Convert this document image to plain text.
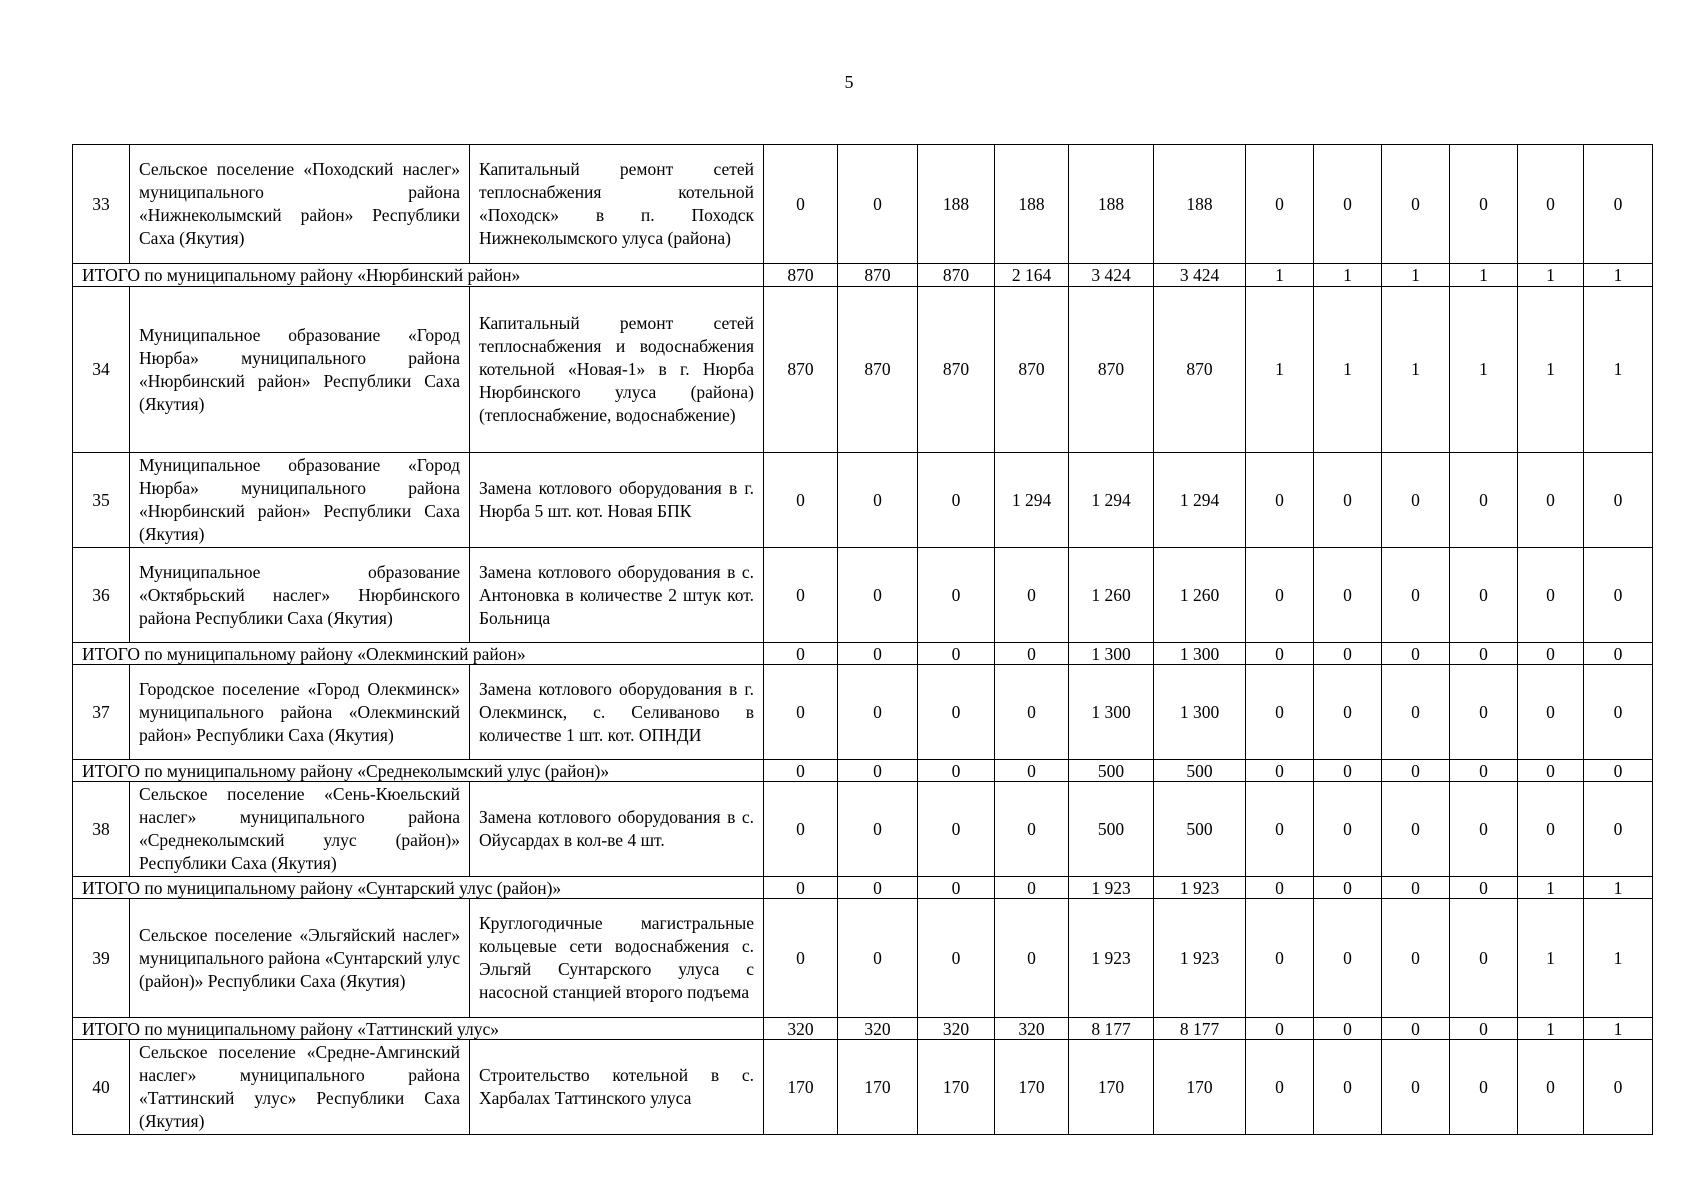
5
33	Сельское поселение «Походский наслег» муниципального района «Нижнеколымский район» Республики Саха (Якутия)	Капитальный ремонт сетей теплоснабжения котельной «Походск» в п. Походск Нижнеколымского улуса (района)	0	0	188	188	188	188	0	0	0	0	0	0
ИТОГО по муниципальному району «Нюрбинский район»			870	870	870	2 164	3 424	3 424	1	1	1	1	1	1
34	Муниципальное образование «Город Нюрба» муниципального района «Нюрбинский район» Республики Саха (Якутия)	Капитальный ремонт сетей теплоснабжения и водоснабжения котельной «Новая-1» в г. Нюрба Нюрбинского улуса (района) (теплоснабжение, водоснабжение)	870	870	870	870	870	870	1	1	1	1	1	1
35	Муниципальное образование «Город Нюрба» муниципального района «Нюрбинский район» Республики Саха (Якутия)	Замена котлового оборудования в г. Нюрба 5 шт. кот. Новая БПК	0	0	0	1 294	1 294	1 294	0	0	0	0	0	0
36	Муниципальное образование «Октябрьский наслег» Нюрбинского района Республики Саха (Якутия)	Замена котлового оборудования в с. Антоновка в количестве 2 штук кот. Больница	0	0	0	0	1 260	1 260	0	0	0	0	0	0
ИТОГО по муниципальному району «Олекминский район»			0	0	0	0	1 300	1 300	0	0	0	0	0	0
37	Городское поселение «Город Олекминск» муниципального района «Олекминский район» Республики Саха (Якутия)	Замена котлового оборудования в г. Олекминск, с. Селиваново в количестве 1 шт. кот. ОПНДИ	0	0	0	0	1 300	1 300	0	0	0	0	0	0
ИТОГО по муниципальному району «Среднеколымский улус (район)»			0	0	0	0	500	500	0	0	0	0	0	0
38	Сельское поселение «Сень-Кюельский наслег» муниципального района «Среднеколымский улус (район)» Республики Саха (Якутия)	Замена котлового оборудования в с. Ойусардах в кол-ве 4 шт.	0	0	0	0	500	500	0	0	0	0	0	0
ИТОГО по муниципальному району «Сунтарский улус (район)»			0	0	0	0	1 923	1 923	0	0	0	0	1	1
39	Сельское поселение «Эльгяйский наслег» муниципального района «Сунтарский улус (район)» Республики Саха (Якутия)	Круглогодичные магистральные кольцевые сети водоснабжения с. Эльгяй Сунтарского улуса с насосной станцией второго подъема	0	0	0	0	1 923	1 923	0	0	0	0	1	1
ИТОГО по муниципальному району «Таттинский улус»			320	320	320	320	8 177	8 177	0	0	0	0	1	1
40	Сельское поселение «Средне-Амгинский наслег» муниципального района «Таттинский улус» Республики Саха (Якутия)	Строительство котельной в с. Харбалах Таттинского улуса	170	170	170	170	170	170	0	0	0	0	0	0
